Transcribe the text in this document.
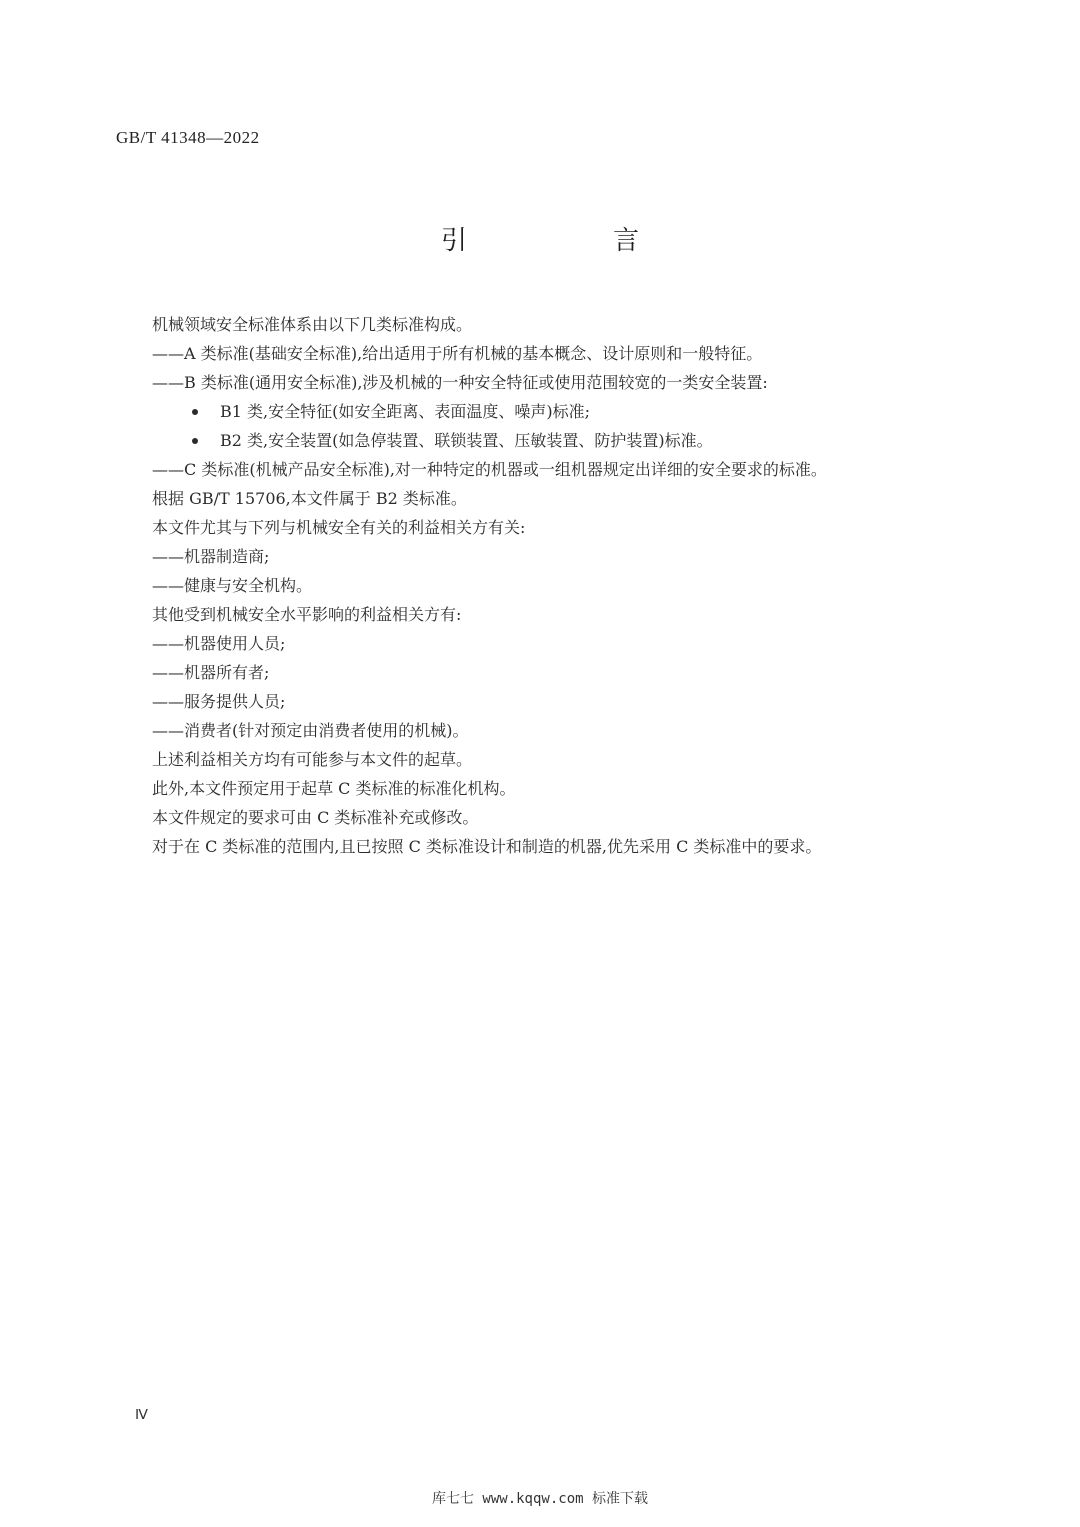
GB/T 41348—2022
引　言
机械领域安全标准体系由以下几类标准构成。
——A 类标准(基础安全标准),给出适用于所有机械的基本概念、设计原则和一般特征。
——B 类标准(通用安全标准),涉及机械的一种安全特征或使用范围较宽的一类安全装置:
B1 类,安全特征(如安全距离、表面温度、噪声)标准;
B2 类,安全装置(如急停装置、联锁装置、压敏装置、防护装置)标准。
——C 类标准(机械产品安全标准),对一种特定的机器或一组机器规定出详细的安全要求的标准。
根据 GB/T 15706,本文件属于 B2 类标准。
本文件尤其与下列与机械安全有关的利益相关方有关:
——机器制造商;
——健康与安全机构。
其他受到机械安全水平影响的利益相关方有:
——机器使用人员;
——机器所有者;
——服务提供人员;
——消费者(针对预定由消费者使用的机械)。
上述利益相关方均有可能参与本文件的起草。
此外,本文件预定用于起草 C 类标准的标准化机构。
本文件规定的要求可由 C 类标准补充或修改。
对于在 C 类标准的范围内,且已按照 C 类标准设计和制造的机器,优先采用 C 类标准中的要求。
Ⅳ
库七七 www.kqqw.com 标准下载
